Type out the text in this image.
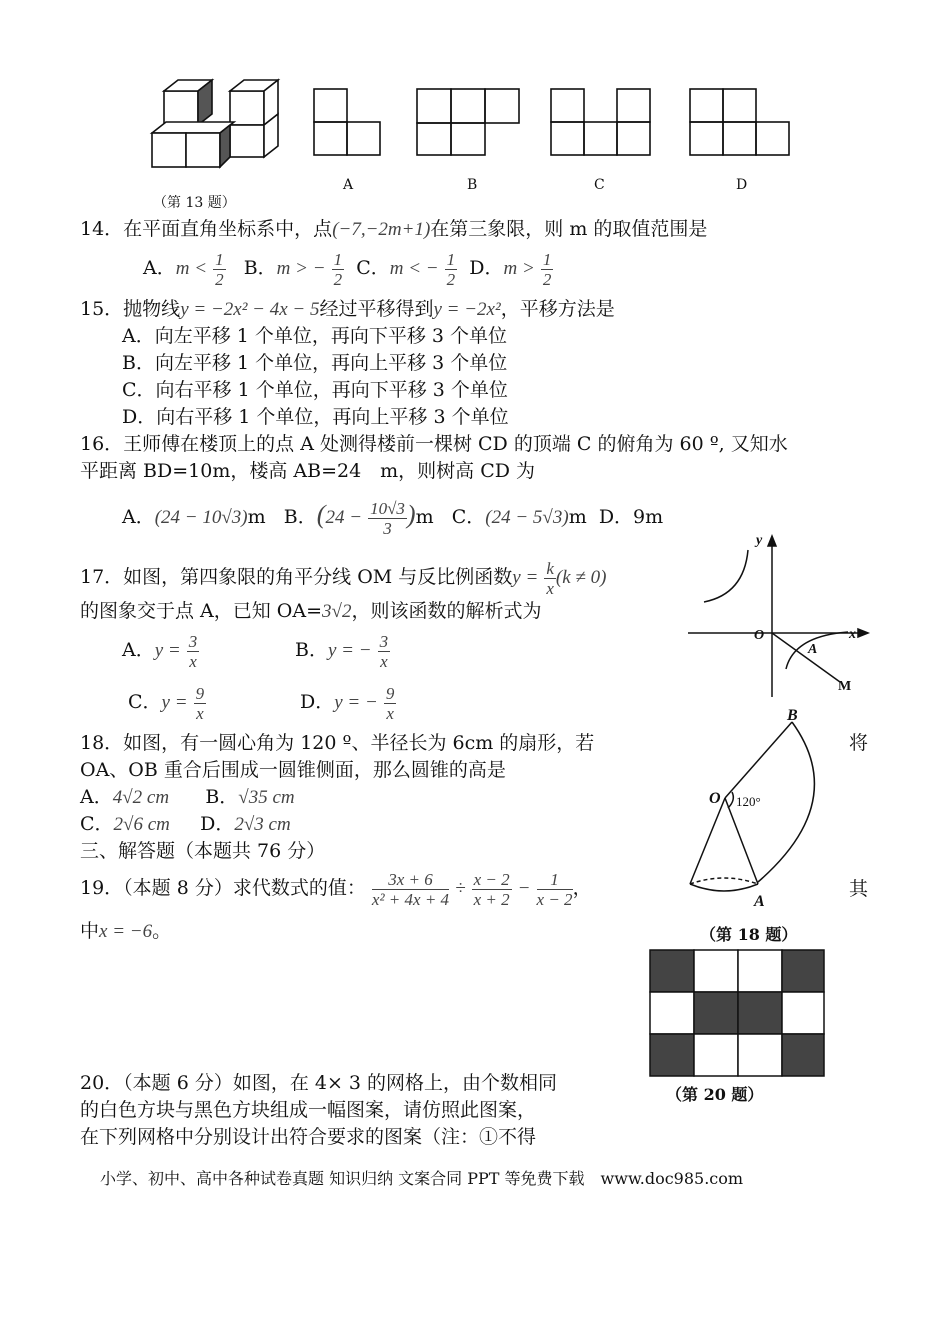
（第 13 题）
A	B	C	D
14．在平面直角坐标系中，点(−7,−2m+1)在第三象限，则 m 的取值范围是
A．$m < \frac{1}{2}$ B．m > − $\frac{1}{2}$ C．m < − $\frac{1}{2}$ D．$m > \frac{1}{2}$
15．抛物线y = −2x² − 4x − 5经过平移得到y = −2x²，平移方法是
A．向左平移 1 个单位，再向下平移 3 个单位
B．向左平移 1 个单位，再向上平移 3 个单位
C．向右平移 1 个单位，再向下平移 3 个单位
D．向右平移 1 个单位，再向上平移 3 个单位
16．王师傅在楼顶上的点 A 处测得楼前一棵树 CD 的顶端 C 的俯角为 60 º, 又知水
平距离 BD=10m，楼高 AB=24　m，则树高 CD 为
A．(24 − 10√3)m B．$(24 - \frac{10√3}{3} )m$ C．(24 − 5√3)m D．9m
17．如图，第四象限的角平分线 OM 与反比例函数$y = \frac{k}{x} (k \ne 0)$
的图象交于点 A，已知 OA=3√2，则该函数的解析式为
A．$y = \frac{3}{x}$	B．y = − $\frac{3}{x}$
C．$y = \frac{9}{x}$	D．y = − $\frac{9}{x}$
y
x
O
A
M
18．如图，有一圆心角为 120 º、半径长为 6cm 的扇形，若	将
OA、OB 重合后围成一圆锥侧面，那么圆锥的高是
A．4√2 cm B．√35 cm
C．2√6 cm D．2√3 cm
B
O 120°
A
（第 18 题）
三、解答题（本题共 76 分）
19．（本题 8 分）求代数式的值： $\frac{3x + 6}{\text{x² + 4x + 4}} \div \frac{x - 2}{x + 2} - \frac{1}{x - 2}$ ，	其
中x = −6。
（第 20 题）
20．（本题 6 分）如图，在 4× 3 的网格上，由个数相同
的白色方块与黑色方块组成一幅图案，请仿照此图案，
在下列网格中分别设计出符合要求的图案（注：①不得
小学、初中、高中各种试卷真题 知识归纳 文案合同 PPT 等免费下载　www.doc985.com
